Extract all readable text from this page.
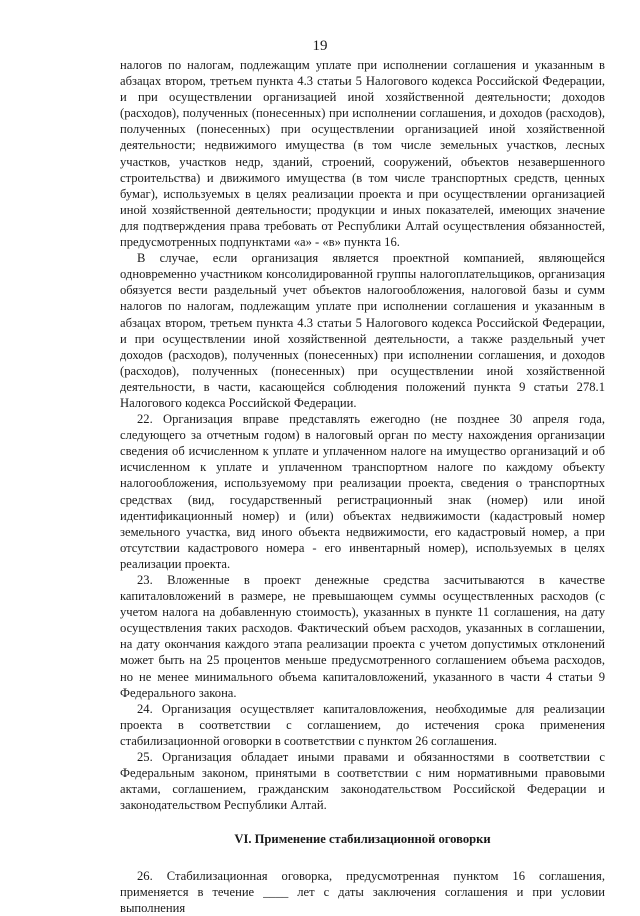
19

налогов по налогам, подлежащим уплате при исполнении соглашения и указанным в абзацах втором, третьем пункта 4.3 статьи 5 Налогового кодекса Российской Федерации, и при осуществлении организацией иной хозяйственной деятельности; доходов (расходов), полученных (понесенных) при исполнении соглашения, и доходов (расходов), полученных (понесенных) при осуществлении организацией иной хозяйственной деятельности; недвижимого имущества (в том числе земельных участков, лесных участков, участков недр, зданий, строений, сооружений, объектов незавершенного строительства) и движимого имущества (в том числе транспортных средств, ценных бумаг), используемых в целях реализации проекта и при осуществлении организацией иной хозяйственной деятельности; продукции и иных показателей, имеющих значение для подтверждения права требовать от Республики Алтай осуществления обязанностей, предусмотренных подпунктами «а» - «в» пункта 16.

В случае, если организация является проектной компанией, являющейся одновременно участником консолидированной группы налогоплательщиков, организация обязуется вести раздельный учет объектов налогообложения, налоговой базы и сумм налогов по налогам, подлежащим уплате при исполнении соглашения и указанным в абзацах втором, третьем пункта 4.3 статьи 5 Налогового кодекса Российской Федерации, и при осуществлении иной хозяйственной деятельности, а также раздельный учет доходов (расходов), полученных (понесенных) при исполнении соглашения, и доходов (расходов), полученных (понесенных) при осуществлении иной хозяйственной деятельности, в части, касающейся соблюдения положений пункта 9 статьи 278.1 Налогового кодекса Российской Федерации.

22. Организация вправе представлять ежегодно (не позднее 30 апреля года, следующего за отчетным годом) в налоговый орган по месту нахождения организации сведения об исчисленном к уплате и уплаченном налоге на имущество организаций и об исчисленном к уплате и уплаченном транспортном налоге по каждому объекту налогообложения, используемому при реализации проекта, сведения о транспортных средствах (вид, государственный регистрационный знак (номер) или иной идентификационный номер) и (или) объектах недвижимости (кадастровый номер земельного участка, вид иного объекта недвижимости, его кадастровый номер, а при отсутствии кадастрового номера - его инвентарный номер), используемых в целях реализации проекта.

23. Вложенные в проект денежные средства засчитываются в качестве капиталовложений в размере, не превышающем суммы осуществленных расходов (с учетом налога на добавленную стоимость), указанных в пункте 11 соглашения, на дату осуществления таких расходов. Фактический объем расходов, указанных в соглашении, на дату окончания каждого этапа реализации проекта с учетом допустимых отклонений может быть на 25 процентов меньше предусмотренного соглашением объема расходов, но не менее минимального объема капиталовложений, указанного в части 4 статьи 9 Федерального закона.

24. Организация осуществляет капиталовложения, необходимые для реализации проекта в соответствии с соглашением, до истечения срока применения стабилизационной оговорки в соответствии с пунктом 26 соглашения.

25. Организация обладает иными правами и обязанностями в соответствии с Федеральным законом, принятыми в соответствии с ним нормативными правовыми актами, соглашением, гражданским законодательством Российской Федерации и законодательством Республики Алтай.

VI. Применение стабилизационной оговорки

26. Стабилизационная оговорка, предусмотренная пунктом 16 соглашения, применяется в течение ____ лет с даты заключения соглашения и при условии выполнения
